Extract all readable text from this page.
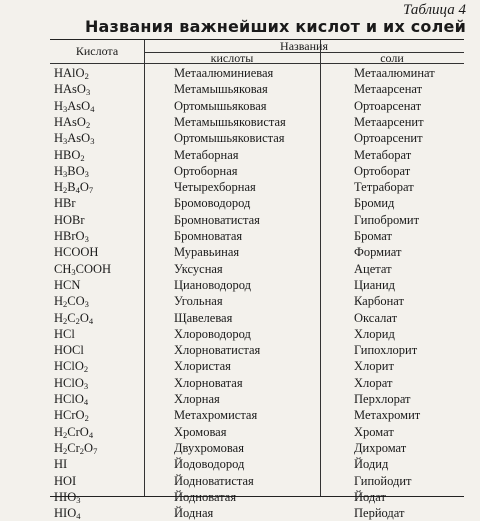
Таблица 4
Названия важнейших кислот и их солей
Кислота	Названия
кислоты	соли
HAlO$_2$	Метаалюминиевая	Метаалюминат
HAsO$_3$	Метамышьяковая	Метаарсенат
$H_3AsO_4$	Ортомышьяковая	Ортоарсенат
HAsO$_2$	Метамышьяковистая	Метаарсенит
$H_3AsO_3$	Ортомышьяковистая	Ортоарсенит
$HBO_2$	Метаборная	Метаборат
$H_3BO_3$	Ортоборная	Ортоборат
$H_2B_4O_7$	Четырехборная	Тетраборат
HBr	Бромоводород	Бромид
HOBr	Бромноватистая	Гипобромит
HBrO$_3$	Бромноватая	Бромат
HCOOH	Муравьиная	Формиат
$CH_3COOH$	Уксусная	Ацетат
HCN	Циановодород	Цианид
$H_2CO_3$	Угольная	Карбонат
$H_2C_2O_4$	Щавелевая	Оксалат
HCl	Хлороводород	Хлорид
HOCl	Хлорноватистая	Гипохлорит
HClO$_2$	Хлористая	Хлорит
HClO$_3$	Хлорноватая	Хлорат
HClO$_4$	Хлорная	Перхлорат
HCrO$_2$	Метахромистая	Метахромит
$H_2CrO_4$	Хромовая	Хромат
$H_2Cr_2O_7$	Двухромовая	Дихромат
HI	Йодоводород	Йодид
HOI	Йодноватистая	Гипойодит
$HIO_3$	Йодноватая	Йодат
$HIO_4$	Йодная	Перйодат
